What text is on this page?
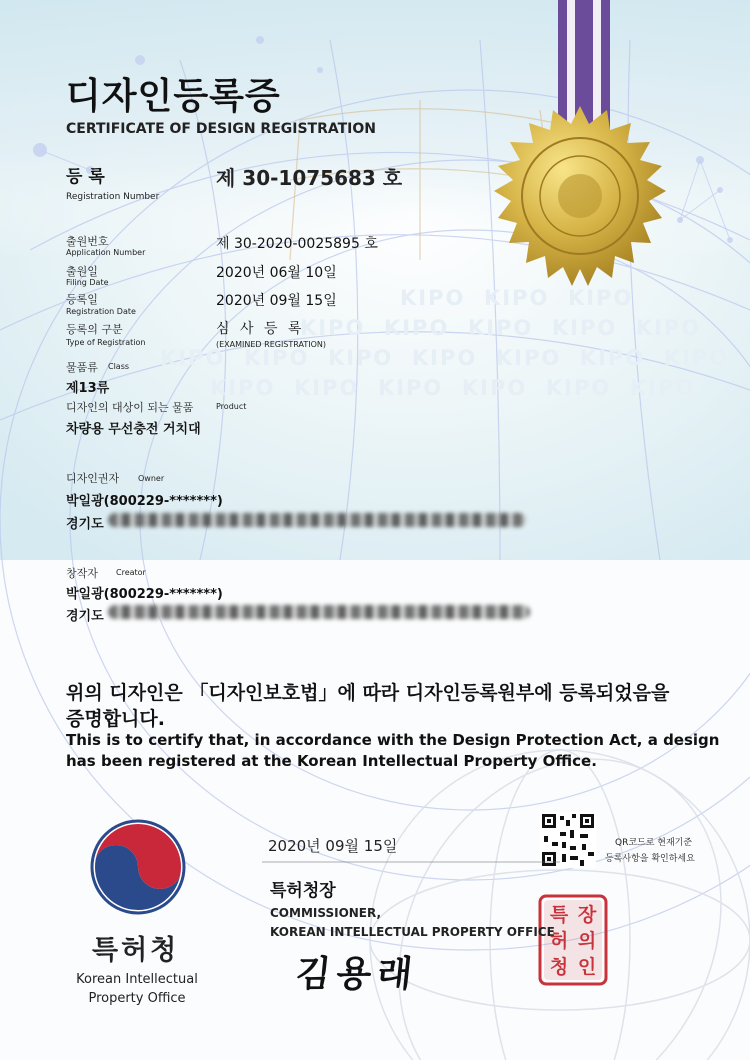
KIPO KIPO KIPO
KIPO KIPO KIPO KIPO KIPO
KIPO KIPO KIPO KIPO KIPO KIPO KIPO
KIPO KIPO KIPO KIPO KIPO KIPO
디자인등록증
CERTIFICATE OF DESIGN REGISTRATION
등 록
Registration Number
제 30-1075683 호
출원번호
Application Number
제 30-2020-0025895 호
출원일
Filing Date
2020년 06월 10일
등록일
Registration Date
2020년 09월 15일
등록의 구분
Type of Registration
심 사 등 록
(EXAMINED REGISTRATION)
물품류 Class
제13류
디자인의 대상이 되는 물품	Product
차량용 무선충전 거치대
디자인권자 Owner
박일광(800229-*******)
경기도
창작자 Creator
박일광(800229-*******)
경기도
위의 디자인은 「디자인보호법」에 따라 디자인등록원부에 등록되었음을
증명합니다.
This is to certify that, in accordance with the Design Protection Act, a design
has been registered at the Korean Intellectual Property Office.
2020년 09월 15일	QR코드로 현재기준
등록사항을 확인하세요
특허청장
COMMISSIONER,
KOREAN INTELLECTUAL PROPERTY OFFICE
김용래
특 장
허 의
청 인
특허청
Korean Intellectual
Property Office
